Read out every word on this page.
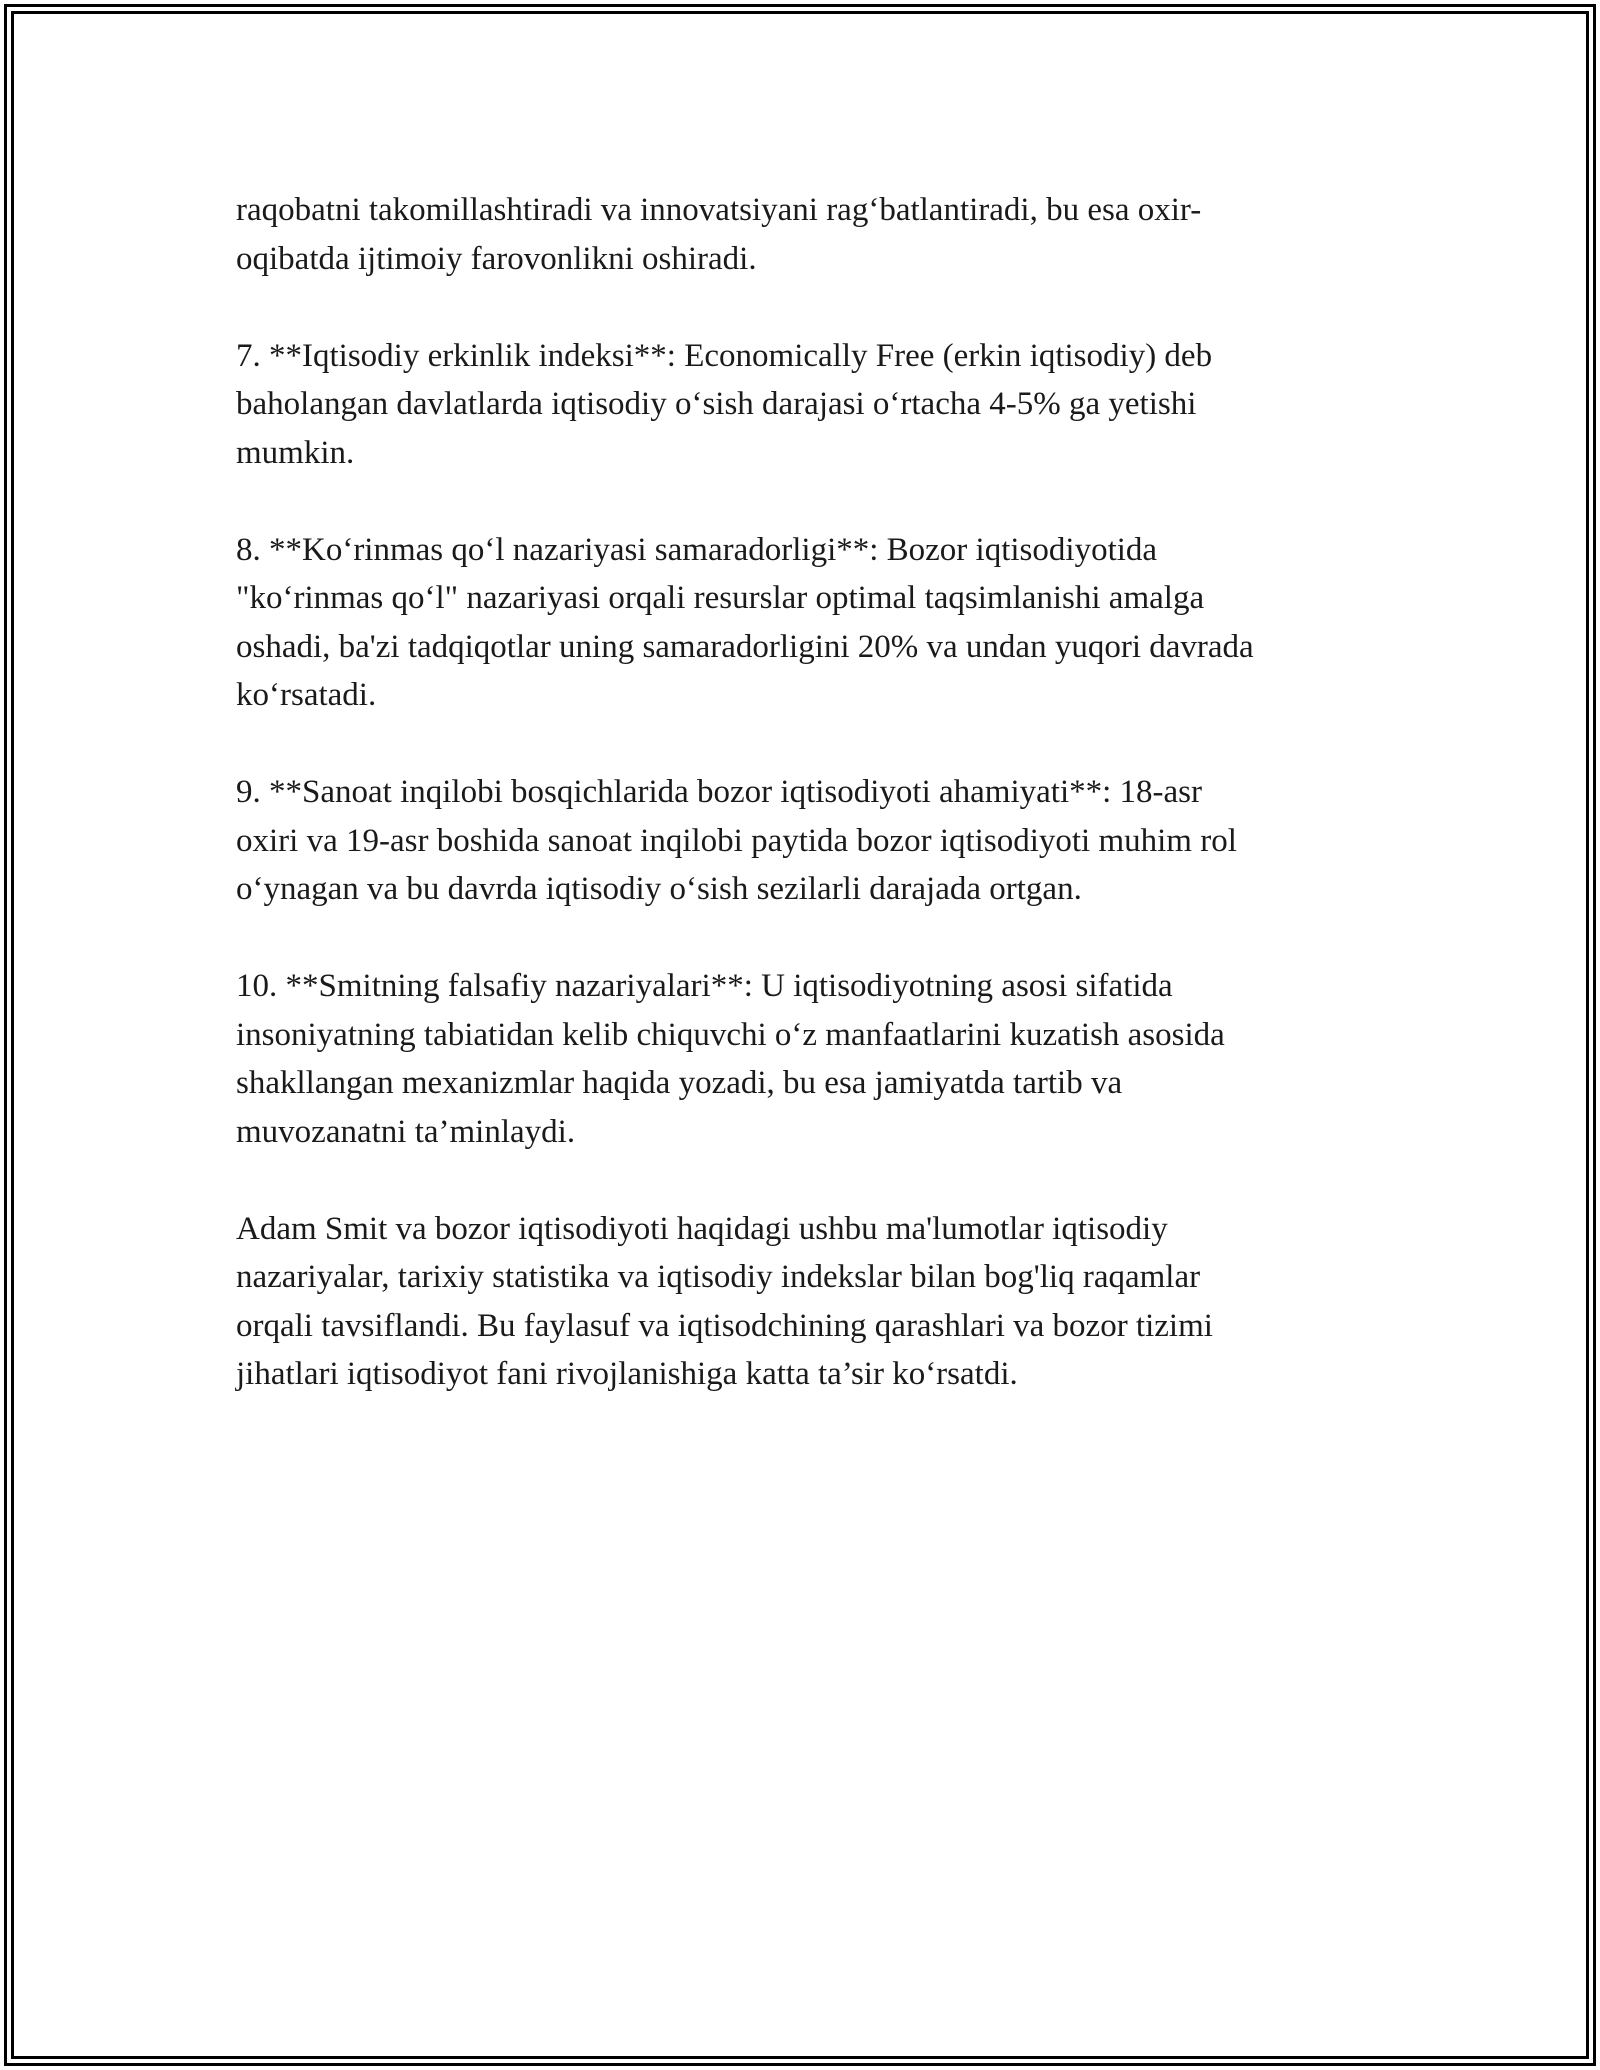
raqobatni takomillashtiradi va innovatsiyani rag‘batlantiradi, bu esa oxir-
oqibatda ijtimoiy farovonlikni oshiradi.

7. **Iqtisodiy erkinlik indeksi**: Economically Free (erkin iqtisodiy) deb
baholangan davlatlarda iqtisodiy o‘sish darajasi o‘rtacha 4-5% ga yetishi
mumkin.

8. **Ko‘rinmas qo‘l nazariyasi samaradorligi**: Bozor iqtisodiyotida
"ko‘rinmas qo‘l" nazariyasi orqali resurslar optimal taqsimlanishi amalga
oshadi, ba'zi tadqiqotlar uning samaradorligini 20% va undan yuqori davrada
ko‘rsatadi.

9. **Sanoat inqilobi bosqichlarida bozor iqtisodiyoti ahamiyati**: 18-asr
oxiri va 19-asr boshida sanoat inqilobi paytida bozor iqtisodiyoti muhim rol
o‘ynagan va bu davrda iqtisodiy o‘sish sezilarli darajada ortgan.

10. **Smitning falsafiy nazariyalari**: U iqtisodiyotning asosi sifatida
insoniyatning tabiatidan kelib chiquvchi o‘z manfaatlarini kuzatish asosida
shakllangan mexanizmlar haqida yozadi, bu esa jamiyatda tartib va
muvozanatni ta’minlaydi.

Adam Smit va bozor iqtisodiyoti haqidagi ushbu ma'lumotlar iqtisodiy
nazariyalar, tarixiy statistika va iqtisodiy indekslar bilan bog'liq raqamlar
orqali tavsiflandi. Bu faylasuf va iqtisodchining qarashlari va bozor tizimi
jihatlari iqtisodiyot fani rivojlanishiga katta ta’sir ko‘rsatdi.
